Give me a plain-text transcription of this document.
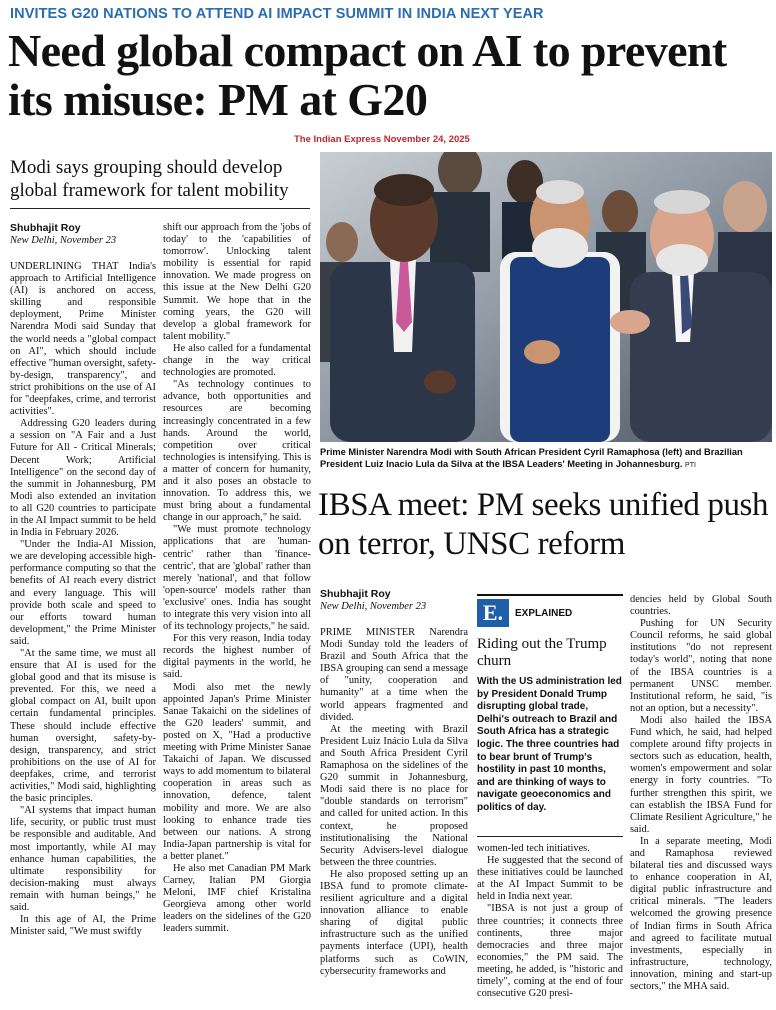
INVITES G20 NATIONS TO ATTEND AI IMPACT SUMMIT IN INDIA NEXT YEAR
Need global compact on AI to prevent its misuse: PM at G20
The Indian Express November 24, 2025
Modi says grouping should develop global framework for talent mobility
Shubhajit Roy
New Delhi, November 23

UNDERLINING THAT India's approach to Artificial Intelligence (AI) is anchored on access, skilling and responsible deployment, Prime Minister Narendra Modi said Sunday that the world needs a "global compact on AI", which should include effective "human oversight, safety-by-design, transparency", and strict prohibitions on the use of AI for "deepfakes, crime, and terrorist activities".

Addressing G20 leaders during a session on "A Fair and a Just Future for All - Critical Minerals; Decent Work; Artificial Intelligence" on the second day of the summit in Johannesburg, PM Modi also extended an invitation to all G20 countries to participate in the AI Impact summit to be held in India in February 2026.

"Under the India-AI Mission, we are developing accessible high-performance computing so that the benefits of AI reach every district and every language. This will provide both scale and speed to our efforts toward human development," the Prime Minister said.

"At the same time, we must all ensure that AI is used for the global good and that its misuse is prevented. For this, we need a global compact on AI, built upon certain fundamental principles. These should include effective human oversight, safety-by-design, transparency, and strict prohibitions on the use of AI for deepfakes, crime, and terrorist activities," Modi said, highlighting the basic principles.

"AI systems that impact human life, security, or public trust must be responsible and auditable. And most importantly, while AI may enhance human capabilities, the ultimate responsibility for decision-making must always remain with human beings," he said.

In this age of AI, the Prime Minister said, "We must swiftly

shift our approach from the 'jobs of today' to the 'capabilities of tomorrow'. Unlocking talent mobility is essential for rapid innovation. We made progress on this issue at the New Delhi G20 Summit. We hope that in the coming years, the G20 will develop a global framework for talent mobility."

He also called for a fundamental change in the way critical technologies are promoted.

"As technology continues to advance, both opportunities and resources are becoming increasingly concentrated in a few hands. Around the world, competition over critical technologies is intensifying. This is a matter of concern for humanity, and it also poses an obstacle to innovation. To address this, we must bring about a fundamental change in our approach," he said.

"We must promote technology applications that are 'human-centric' rather than 'finance-centric', that are 'global' rather than merely 'national', and that follow 'open-source' models rather than 'exclusive' ones. India has sought to integrate this very vision into all of its technology projects," he said.

For this very reason, India today records the highest number of digital payments in the world, he said.

Modi also met the newly appointed Japan's Prime Minister Sanae Takaichi on the sidelines of the G20 leaders' summit, and posted on X, "Had a productive meeting with Prime Minister Sanae Takaichi of Japan. We discussed ways to add momentum to bilateral cooperation in areas such as innovation, defence, talent mobility and more. We are also looking to enhance trade ties between our nations. A strong India-Japan partnership is vital for a better planet."

He also met Canadian PM Mark Carney, Italian PM Giorgia Meloni, IMF chief Kristalina Georgieva among other world leaders on the sidelines of the G20 leaders summit.

Prime Minister Narendra Modi with South African President Cyril Ramaphosa (left) and Brazilian President Luiz Inacio Lula da Silva at the IBSA Leaders' Meeting in Johannesburg. PTI
IBSA meet: PM seeks unified push on terror, UNSC reform
Shubhajit Roy
New Delhi, November 23

PRIME MINISTER Narendra Modi Sunday told the leaders of Brazil and South Africa that the IBSA grouping can send a message of "unity, cooperation and humanity" at a time when the world appears fragmented and divided.

At the meeting with Brazil President Luiz Inácio Lula da Silva and South Africa President Cyril Ramaphosa on the sidelines of the G20 summit in Johannesburg, Modi said there is no place for "double standards on terrorism" and called for united action. In this context, he proposed institutionalising the National Security Advisers-level dialogue between the three countries.

He also proposed setting up an IBSA fund to promote climate-resilient agriculture and a digital innovation alliance to enable sharing of digital public infrastructure such as the unified payments interface (UPI), health platforms such as CoWIN, cybersecurity frameworks and

E.	EXPLAINED
Riding out the Trump churn
With the US administration led by President Donald Trump disrupting global trade, Delhi's outreach to Brazil and South Africa has a strategic logic. The three countries had to bear brunt of Trump's hostility in past 10 months, and are thinking of ways to navigate geoeconomics and politics of day.

women-led tech initiatives.

He suggested that the second of these initiatives could be launched at the AI Impact Summit to be held in India next year.

"IBSA is not just a group of three countries; it connects three continents, three major democracies and three major economies," the PM said. The meeting, he added, is "historic and timely", coming at the end of four consecutive G20 presi-

dencies held by Global South countries.

Pushing for UN Security Council reforms, he said global institutions "do not represent today's world", noting that none of the IBSA countries is a permanent UNSC member. Institutional reform, he said, "is not an option, but a necessity".

Modi also hailed the IBSA Fund which, he said, had helped complete around fifty projects in sectors such as education, health, women's empowerment and solar energy in forty countries. "To further strengthen this spirit, we can establish the IBSA Fund for Climate Resilient Agriculture," he said.

In a separate meeting, Modi and Ramaphosa reviewed bilateral ties and discussed ways to enhance cooperation in AI, digital public infrastructure and critical minerals. "The leaders welcomed the growing presence of Indian firms in South Africa and agreed to facilitate mutual investments, especially in infrastructure, technology, innovation, mining and start-up sectors," the MHA said.
